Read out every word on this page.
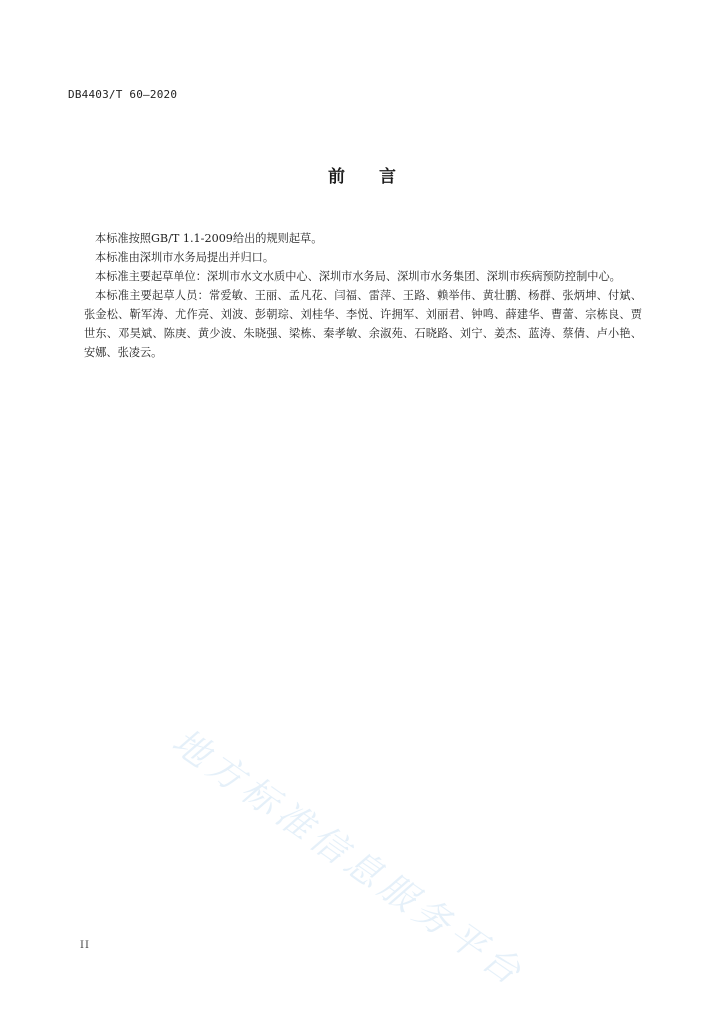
DB4403/T 60—2020
前　　言

本标准按照GB/T 1.1-2009给出的规则起草。

本标准由深圳市水务局提出并归口。

本标准主要起草单位：深圳市水文水质中心、深圳市水务局、深圳市水务集团、深圳市疾病预防控制中心。

本标准主要起草人员：常爱敏、王丽、孟凡花、闫福、雷萍、王路、赖举伟、黄壮鹏、杨群、张炳坤、付斌、张金松、靳军涛、尤作亮、刘波、彭朝琮、刘桂华、李悦、许拥军、刘丽君、钟鸣、薛建华、曹蕾、宗栋良、贾世东、邓昊斌、陈庚、黄少波、朱晓强、梁栋、秦孝敏、余淑苑、石晓路、刘宁、姜杰、蓝涛、蔡倩、卢小艳、安娜、张凌云。

地方标准信息服务平台
II
